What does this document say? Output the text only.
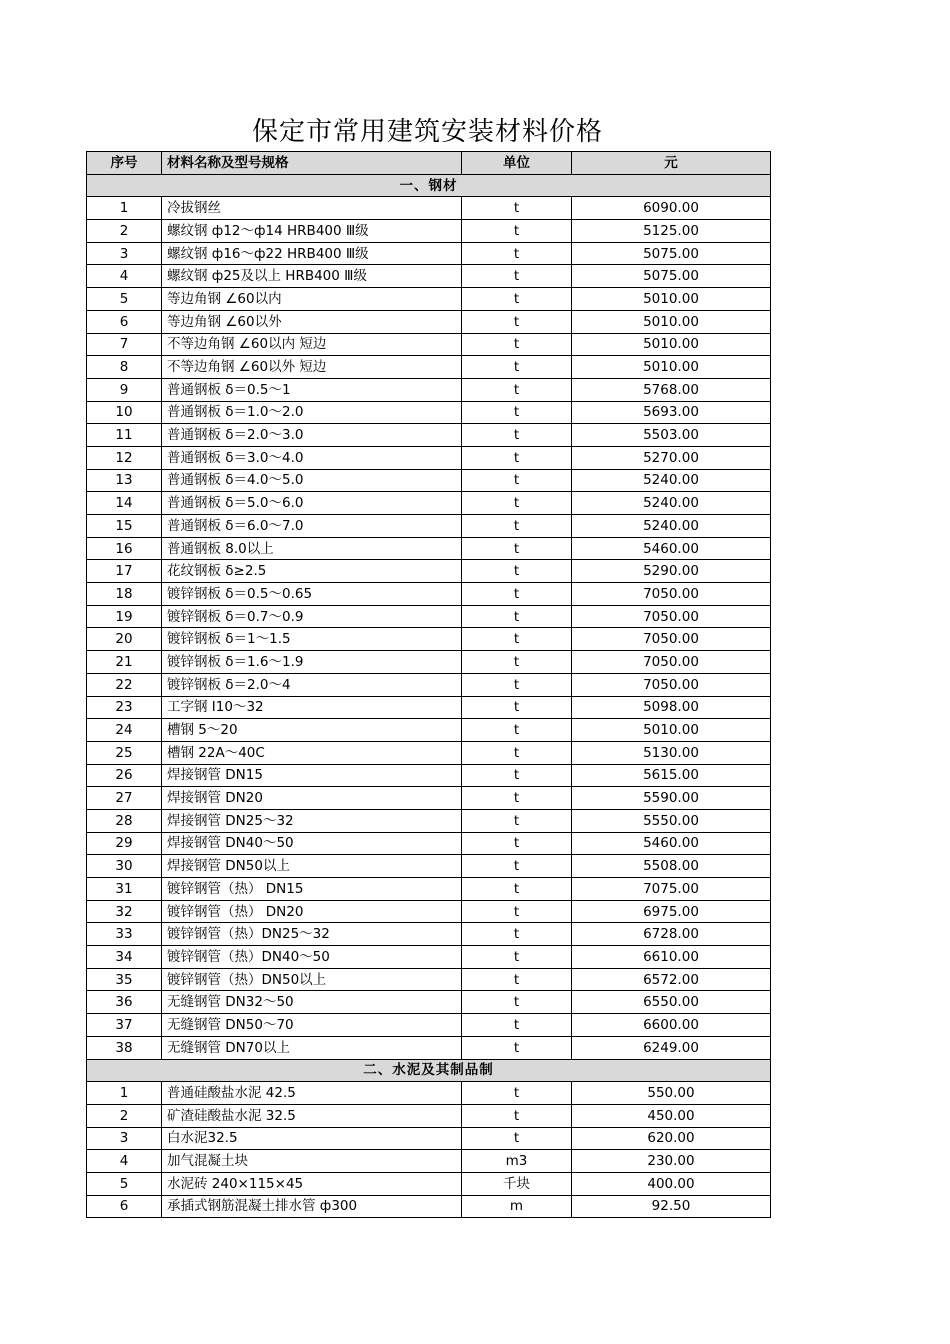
保定市常用建筑安装材料价格
序号	材料名称及型号规格	单位	元
一、钢材			
1	冷拔钢丝	t	6090.00
2	螺纹钢 ф12～ф14 HRB400 Ⅲ级	t	5125.00
3	螺纹钢 ф16～ф22 HRB400 Ⅲ级	t	5075.00
4	螺纹钢 ф25及以上 HRB400 Ⅲ级	t	5075.00
5	等边角钢 ∠60以内	t	5010.00
6	等边角钢 ∠60以外	t	5010.00
7	不等边角钢 ∠60以内 短边	t	5010.00
8	不等边角钢 ∠60以外 短边	t	5010.00
9	普通钢板 δ＝0.5～1	t	5768.00
10	普通钢板 δ＝1.0～2.0	t	5693.00
11	普通钢板 δ＝2.0～3.0	t	5503.00
12	普通钢板 δ＝3.0～4.0	t	5270.00
13	普通钢板 δ＝4.0～5.0	t	5240.00
14	普通钢板 δ＝5.0～6.0	t	5240.00
15	普通钢板 δ＝6.0～7.0	t	5240.00
16	普通钢板 8.0以上	t	5460.00
17	花纹钢板 δ≥2.5	t	5290.00
18	镀锌钢板 δ＝0.5～0.65	t	7050.00
19	镀锌钢板 δ＝0.7～0.9	t	7050.00
20	镀锌钢板 δ＝1～1.5	t	7050.00
21	镀锌钢板 δ＝1.6～1.9	t	7050.00
22	镀锌钢板 δ＝2.0～4	t	7050.00
23	工字钢 Ⅰ10～32	t	5098.00
24	槽钢 5～20	t	5010.00
25	槽钢 22A～40C	t	5130.00
26	焊接钢管 DN15	t	5615.00
27	焊接钢管 DN20	t	5590.00
28	焊接钢管 DN25～32	t	5550.00
29	焊接钢管 DN40～50	t	5460.00
30	焊接钢管 DN50以上	t	5508.00
31	镀锌钢管（热） DN15	t	7075.00
32	镀锌钢管（热） DN20	t	6975.00
33	镀锌钢管（热）DN25～32	t	6728.00
34	镀锌钢管（热）DN40～50	t	6610.00
35	镀锌钢管（热）DN50以上	t	6572.00
36	无缝钢管 DN32～50	t	6550.00
37	无缝钢管 DN50～70	t	6600.00
38	无缝钢管 DN70以上	t	6249.00
二、水泥及其制品制			
1	普通硅酸盐水泥 42.5	t	550.00
2	矿渣硅酸盐水泥 32.5	t	450.00
3	白水泥32.5	t	620.00
4	加气混凝土块	m3	230.00
5	水泥砖 240×115×45	千块	400.00
6	承插式钢筋混凝土排水管 ф300	m	92.50
